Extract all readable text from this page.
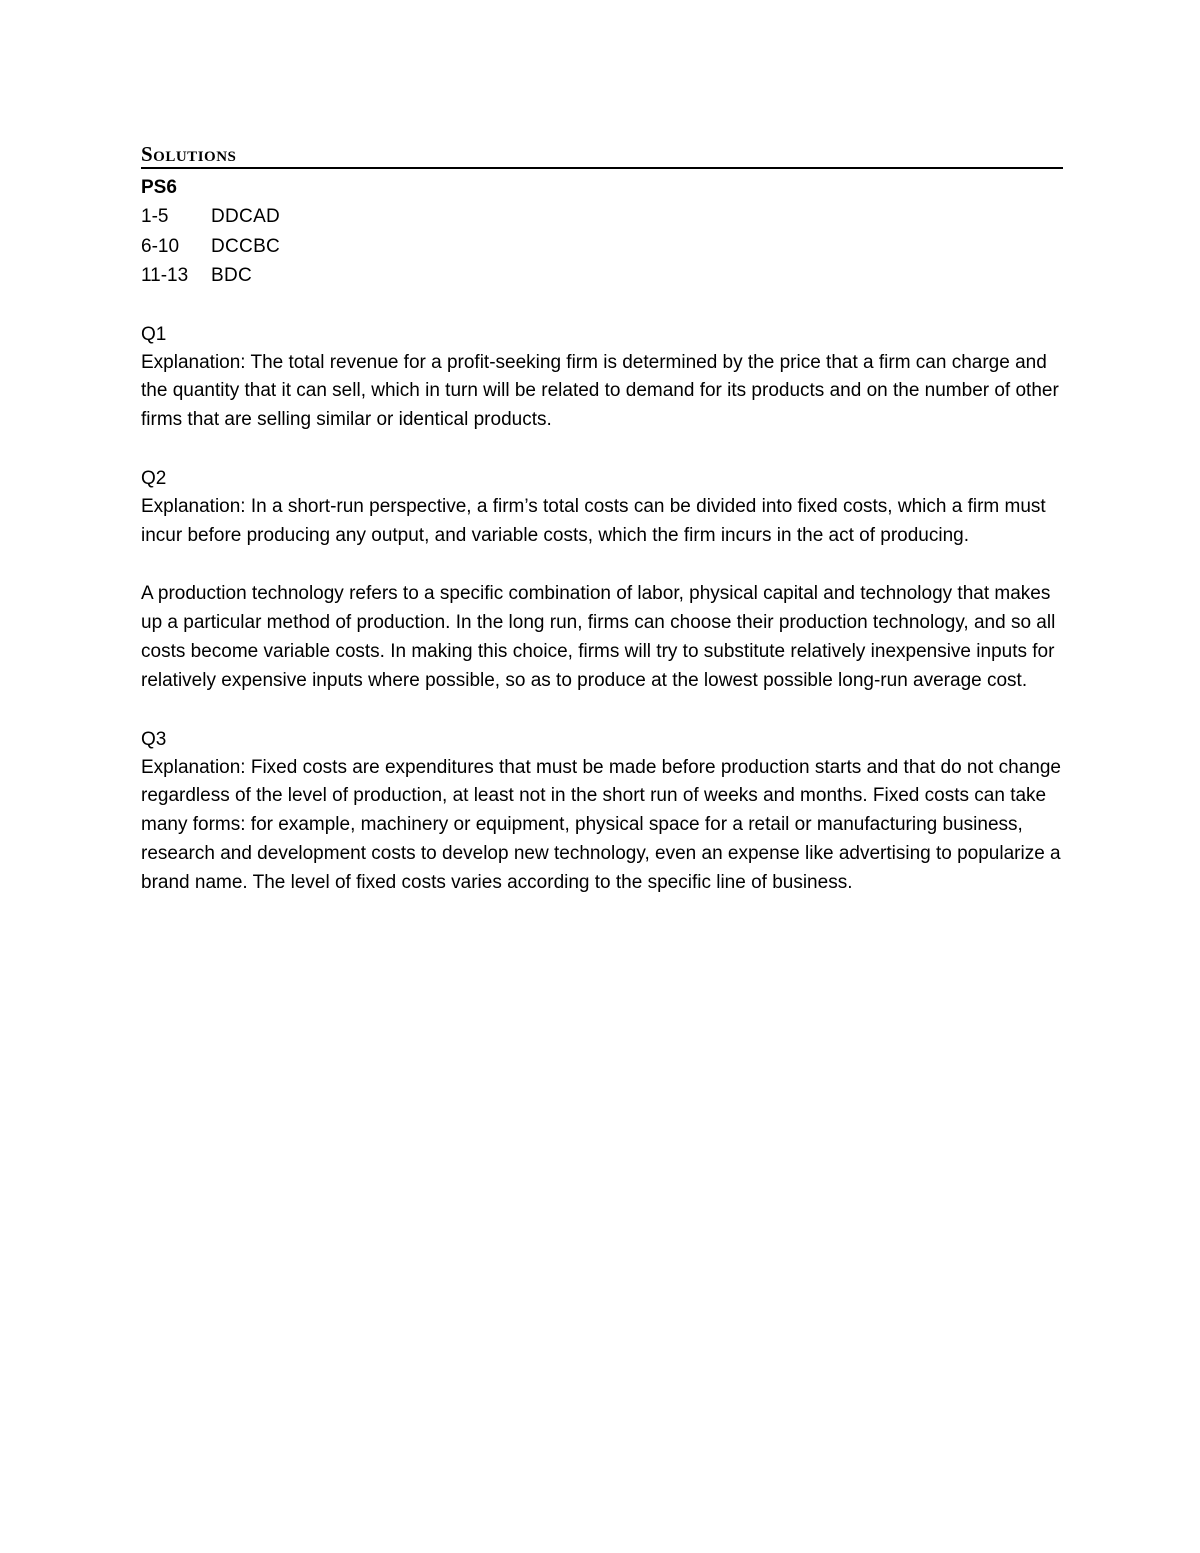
Solutions

PS6

1-5	DDCAD
6-10	DCCBC
11-13	BDC

Q1

Explanation: The total revenue for a profit-seeking firm is determined by the price that a firm can charge and the quantity that it can sell, which in turn will be related to demand for its products and on the number of other firms that are selling similar or identical products.

Q2

Explanation: In a short-run perspective, a firm’s total costs can be divided into fixed costs, which a firm must incur before producing any output, and variable costs, which the firm incurs in the act of producing.

A production technology refers to a specific combination of labor, physical capital and technology that makes up a particular method of production. In the long run, firms can choose their production technology, and so all costs become variable costs. In making this choice, firms will try to substitute relatively inexpensive inputs for relatively expensive inputs where possible, so as to produce at the lowest possible long-run average cost.

Q3

Explanation: Fixed costs are expenditures that must be made before production starts and that do not change regardless of the level of production, at least not in the short run of weeks and months. Fixed costs can take many forms: for example, machinery or equipment, physical space for a retail or manufacturing business, research and development costs to develop new technology, even an expense like advertising to popularize a brand name. The level of fixed costs varies according to the specific line of business.
